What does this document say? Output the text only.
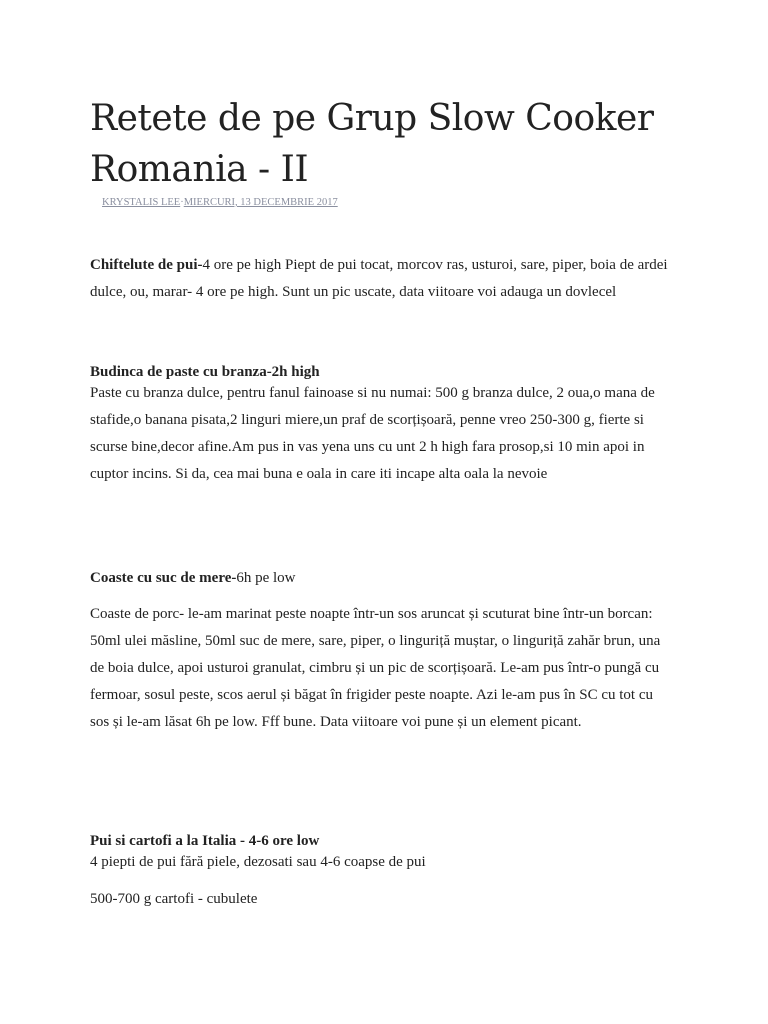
Retete de pe Grup Slow Cooker Romania - II
KRYSTALIS LEE·MIERCURI, 13 DECEMBRIE 2017

Chiftelute de pui-4 ore pe high Piept de pui tocat, morcov ras, usturoi, sare, piper, boia de ardei dulce, ou, marar- 4 ore pe high. Sunt un pic uscate, data viitoare voi adauga un dovlecel

Budinca de paste cu branza-2h high

Paste cu branza dulce, pentru fanul fainoase si nu numai: 500 g branza dulce, 2 oua,o mana de stafide,o banana pisata,2 linguri miere,un praf de scorțișoară, penne vreo 250-300 g, fierte si scurse bine,decor afine.Am pus in vas yena uns cu unt 2 h high fara prosop,si 10 min apoi in cuptor incins. Si da, cea mai buna e oala in care iti incape alta oala la nevoie

Coaste cu suc de mere-6h pe low

Coaste de porc- le-am marinat peste noapte într-un sos aruncat și scuturat bine într-un borcan: 50ml ulei măsline, 50ml suc de mere, sare, piper, o linguriță muștar, o linguriță zahăr brun, una de boia dulce, apoi usturoi granulat, cimbru și un pic de scorțișoară. Le-am pus într-o pungă cu fermoar, sosul peste, scos aerul și băgat în frigider peste noapte. Azi le-am pus în SC cu tot cu sos și le-am lăsat 6h pe low. Fff bune. Data viitoare voi pune și un element picant.

Pui si cartofi a la Italia - 4-6 ore low

4 piepti de pui fără piele, dezosati sau 4-6 coapse de pui

500-700 g cartofi - cubulete
